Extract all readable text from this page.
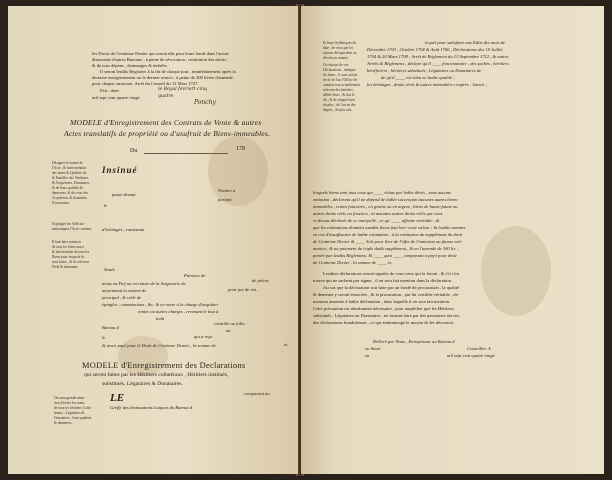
les Droits de Centieme Denier qui seront dûs pour leurs fonds dans l'arron-
dissement d'autres Bureaux , à peine de révocation , restitution des droits ,
& de tous dépens , dommages & intérêts.
Il seront lesdits Registres à la fin de chaque jour , immédiatement après la
derniere enregistrement ou le dernier renvoi , à peine de 300 livres d'amende
pour chaque omission. Arrêt du Conseil du 12 Mars 1727.
Fait , dont	le Royal fevriert cinq
mil sept cent quatre-vingt-	quatre
Ponchy
MODELE d'Enregistrement des Contrats de Vente & autres
Actes translatifs de propriété ou d'usufruit de Biens-immeubles.
Du	178
Désigner le nature de
l'Acte , & faire mention
des noms & Qualités de
& Familles des Vendeurs,
& Acquéreurs, Donataires
& de leurs qualités &
demeures, & de ceux des
Acquéreurs & domaines
Possesseurs.
Insinué
passé devant
Notaire à
le
portant
Expliquer les Affectio-
nementques l'Acte contient.
Il faut faire mention
de tous les biens aussi
& fait mention de tous les
Biens pour lesquels ils
sont faites , & ils relevent
Fiefs & domaines.
d'héritages , consistant
Situés
Paroisse de
tenus en Fief ou en roture de la Seigneurie de
de pièces
moyennant la somme de	pour pot de vin ,
principal , & celle de
épingles , commissions , &c. & en outre à la charge d'acquitter
rentes ou autres charges , revenant le tout à
ledit
contrôlé au folio
au
Bureau d
qui a reçu
le
& avoir payé pour le Droit de Centieme Denier , la somme de	et.
MODELE d'Enregistrement des Declarations
qui seront faites par les Héritiers collatéraux , Héritiers institués,
substitués, Légataires & Donataires.
On aura grande atten-
tion d'écrire les noms
de tous les héritiers Colla-
téraux , Légataires &
Donataires , leurs qualités,
& demeures.
LE	comparant au
Greffe des Insinuations Laïques du Bureau d
Et leurs Syllabiques de
date , de ceux par les
séjours de lapsedent ou
dévolu au notaire.
Ou séjours de ces
Déclarations , indiquer
les biens , le tout au bas
de de de l'un l'Office de
citation sont actuellement
relevant des héritiers ,
délibé leurs , & ilsa le
dit , & de chaque bien
du plus , de l'un en des
degrés , de plus aux.
lequel pour satisfaire aux Edits des mois de
Décembre 1703 , Octobre 1704 & Août 1706 , Déclarations des 19 Juillet
1704 & 20 Mars 1708 , Arrêt de Réglement du 13 Septembre 1712 , & autres
Arrêts & Réglemens , déclaré qu'il ____ fonctionnaire , des sachés , héritiers
bénéficiers , héritiers substitués , Légataires ou Donataires de
de qu'il ____ est échu en ladite qualité ,
les héritages , droits réels & autres immeubles ci-après : Savoir ,
lesquels biens sont tous ceux qui ____ échus par ledite décès , sans aucune
omission , déclarant qu'il ne dépend de ladite succession aucunes autres biens-
immeubles , rentes foncieres , en grains ou en argent , biens de haute-futaie ou
autres droits réels ou fonciers , ni aucunes autres droits réels que ceux
ci-dessus déclarés de ce interpellé , ce qu' ____ affirme véritable , &
que les estimations données auxdits biens font leur vraie valeur ; & lesdits sommer
en cas d'insuffisance de ladite estimation , à la restitution du supplément du droit
de Centieme Denier & ____ Sols pour livre de l'effet de l'omission ou fausse esti-
mation , & au paiement du triple dudit supplément , & en l'amende de 300 liv. ,
portée par lesdits Réglemens. Et ____ quoi ____ comparant a payé pour droit
de Centieme Denier , la somme de ____ et.
Lesdites déclarations seront signées de vous ceux qui la feront , & s'il s'en
trouve qui ne sachent pas signer , il en sera fait mention dans la déclaration.
Au cas que la déclaration soit faite par un fondé de procuration , la qualité
& demeure y seront énoncées , & la procuration , par lui certifiée véritable , de-
meurera annexée à ladite déclaration , dans laquelle il en sera fait mention.
Cette précaution est absolument nécessaire , pour empêcher que les Héritiers
substitués , Légataires ou Donataires , ne fassent faire par des personnes tierces,
des déclarations frauduleuses , ce qui endommage le moyen de les découvrir.
Délivré par Nous , Entreposeur au Bureau d
ou Sieur	Conseiller. A
en	mil sept cent quatre-vingt-
